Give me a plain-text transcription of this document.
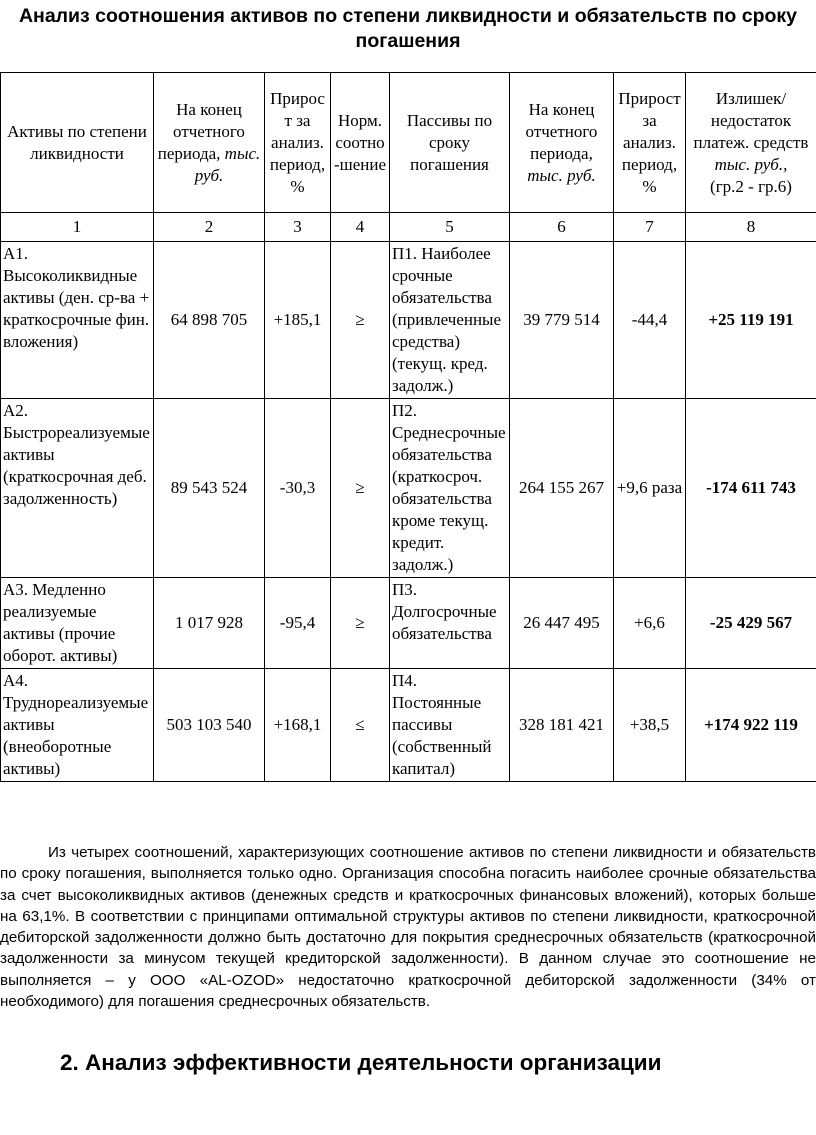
Анализ соотношения активов по степени ликвидности и обязательств по сроку погашения
Активы по степени ликвидности	На конец отчетного периода, тыс. руб.	Прирост за анализ. период, %	Норм. соотно-шение	Пассивы по сроку погашения	На конец отчетного периода, тыс. руб.	Прирост за анализ. период, %	Излишек/ недостаток платеж. средств
тыс. руб.,
(гр.2 - гр.6)
1	2	3	4	5	6	7	8
А1. Высоколиквидные активы (ден. ср-ва + краткосрочные фин. вложения)	64 898 705	+185,1	≥	П1. Наиболее срочные обязательства (привлеченные средства) (текущ. кред. задолж.)	39 779 514	-44,4	+25 119 191
А2. Быстрореализуемые активы (краткосрочная деб. задолженность)	89 543 524	-30,3	≥	П2. Среднесрочные обязательства (краткосроч. обязательства кроме текущ. кредит. задолж.)	264 155 267	+9,6 раза	-174 611 743
А3. Медленно реализуемые активы (прочие оборот. активы)	1 017 928	-95,4	≥	П3. Долгосрочные обязательства	26 447 495	+6,6	-25 429 567
А4. Труднореализуемые активы (внеоборотные активы)	503 103 540	+168,1	≤	П4. Постоянные пассивы (собственный капитал)	328 181 421	+38,5	+174 922 119

Из четырех соотношений, характеризующих соотношение активов по степени ликвидности и обязательств по сроку погашения, выполняется только одно. Организация способна погасить наиболее срочные обязательства за счет высоколиквидных активов (денежных средств и краткосрочных финансовых вложений), которых больше на 63,1%. В соответствии с принципами оптимальной структуры активов по степени ликвидности, краткосрочной дебиторской задолженности должно быть достаточно для покрытия среднесрочных обязательств (краткосрочной задолженности за минусом текущей кредиторской задолженности). В данном случае это соотношение не выполняется – у ООО «AL-OZOD» недостаточно краткосрочной дебиторской задолженности (34% от необходимого) для погашения среднесрочных обязательств.

2. Анализ эффективности деятельности организации
